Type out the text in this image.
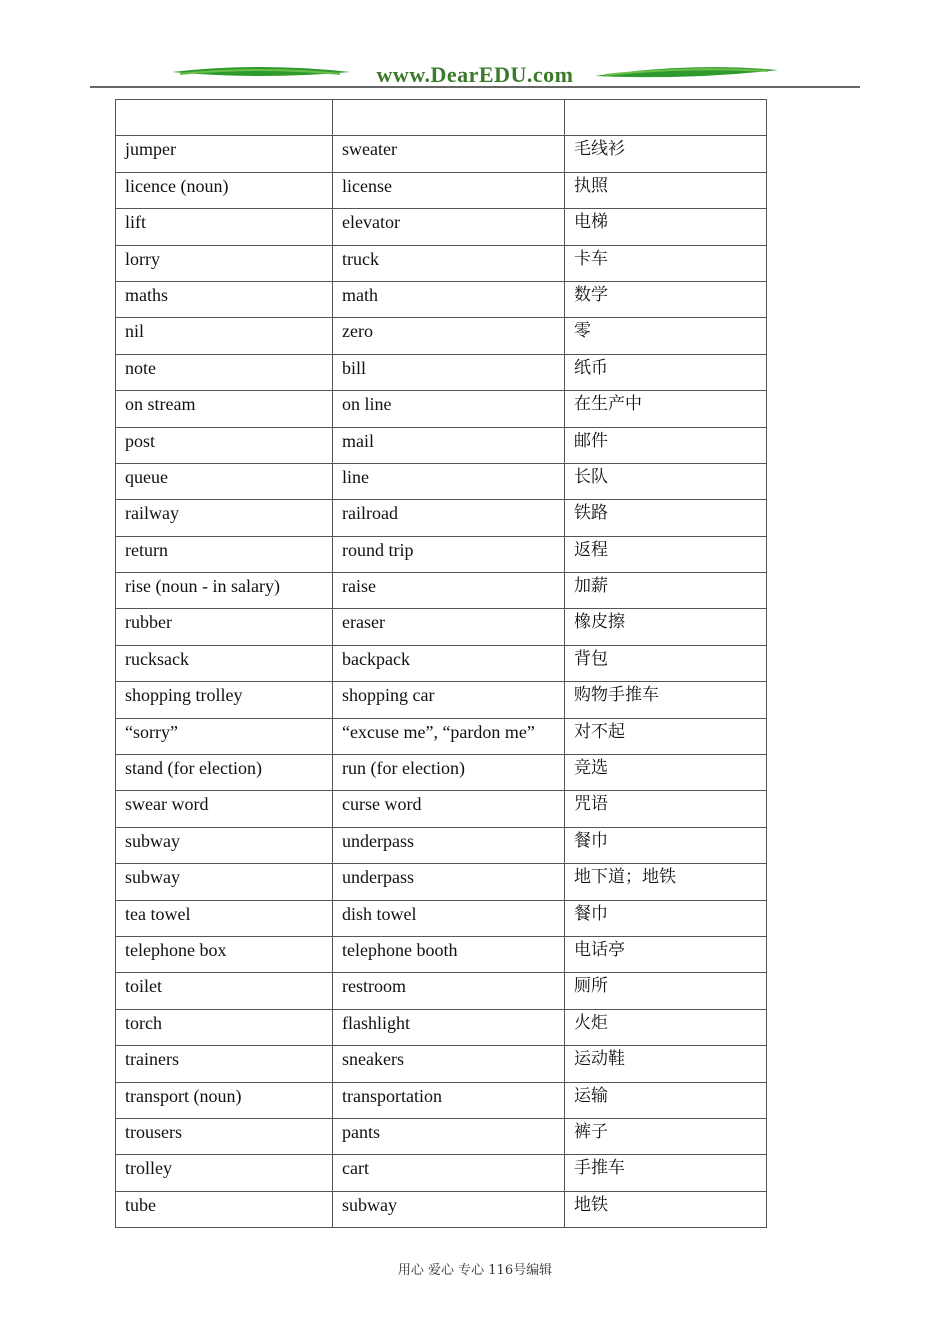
www.DearEDU.com

jumper	sweater	毛线衫
licence (noun)	license	执照
lift	elevator	电梯
lorry	truck	卡车
maths	math	数学
nil	zero	零
note	bill	纸币
on stream	on line	在生产中
post	mail	邮件
queue	line	长队
railway	railroad	铁路
return	round trip	返程
rise (noun - in salary)	raise	加薪
rubber	eraser	橡皮擦
rucksack	backpack	背包
shopping trolley	shopping car	购物手推车
“sorry”	“excuse me”, “pardon me”	对不起
stand (for election)	run (for election)	竞选
swear word	curse word	咒语
subway	underpass	餐巾
subway	underpass	地下道；地铁
tea towel	dish towel	餐巾
telephone box	telephone booth	电话亭
toilet	restroom	厕所
torch	flashlight	火炬
trainers	sneakers	运动鞋
transport (noun)	transportation	运输
trousers	pants	裤子
trolley	cart	手推车
tube	subway	地铁
用心 爱心 专心 116号编辑
